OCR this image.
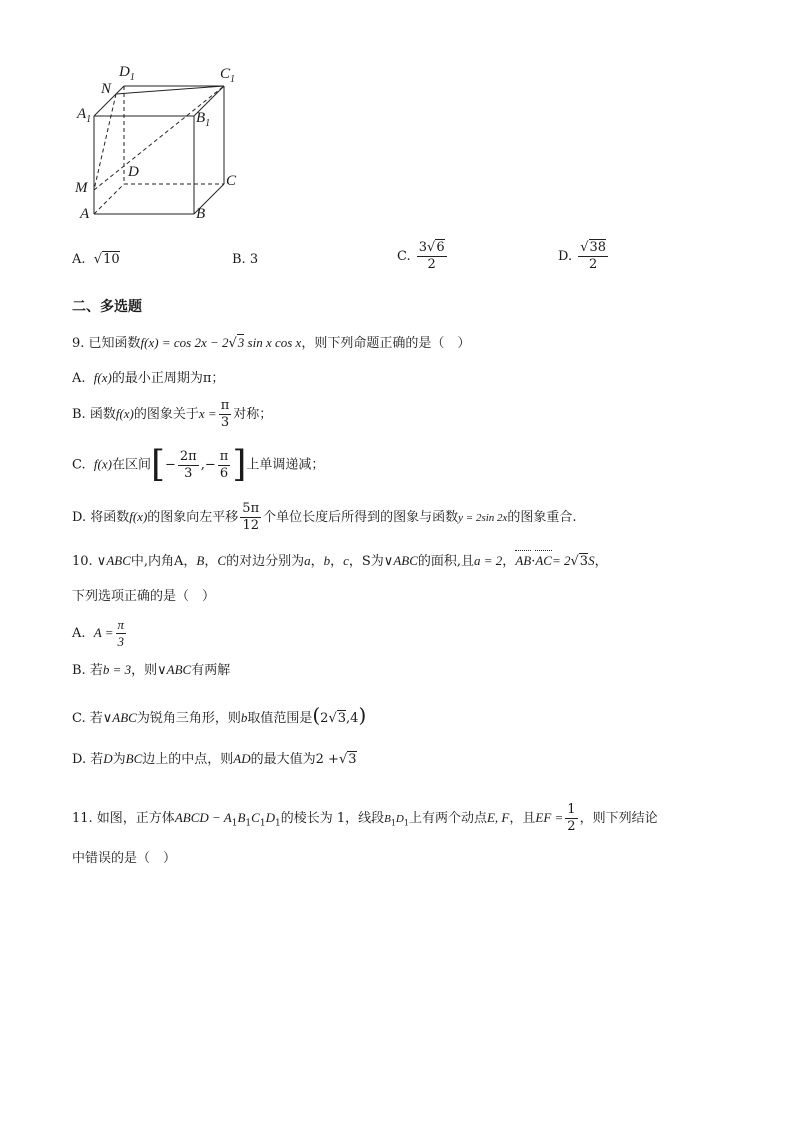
$D_1$	$C_1$
N
$A_1$	$B_1$
M
D
C
A	B
A. √10	B. 3	C. $\frac{3√6}{2}$	D. $\frac{√38}{2}$
二、多选题
9. 已知函数f(x) = cos 2x − 2√3 sin x cos x，则下列命题正确的是（　）
A. f(x)的最小正周期为π；
B. 函数f(x)的图象关于$x = \frac{\pi}{3}$ 对称；
C. f(x)在区间[− $\frac{2\pi}{3}$ ,− $\frac{\pi}{6}$ ]上单调递减；
D. 将函数f(x)的图象向左平移 $\frac{5\pi}{12}$ 个单位长度后所得到的图象与函数y = 2sin 2x的图象重合.
10. ∨ABC中,内角A，B，C的对边分别为a，b，c，S为∨ABC的面积,且a = 2，AB·AC= 2√3S，
下列选项正确的是（　）
A. $A = \frac{\pi}{3}$
B. 若b = 3，则∨ABC有两解
C. 若∨ABC为锐角三角形，则b取值范围是(2√3,4)
D. 若D为BC边上的中点，则AD的最大值为2 +√3
11. 如图，正方体ABCD − $A_1B_1C_1D_1$的棱长为 1，线段$B_1D_1$上有两个动点E, F，且EF = $\frac{1}{2}$ ，则下列结论
中错误的是（　）
